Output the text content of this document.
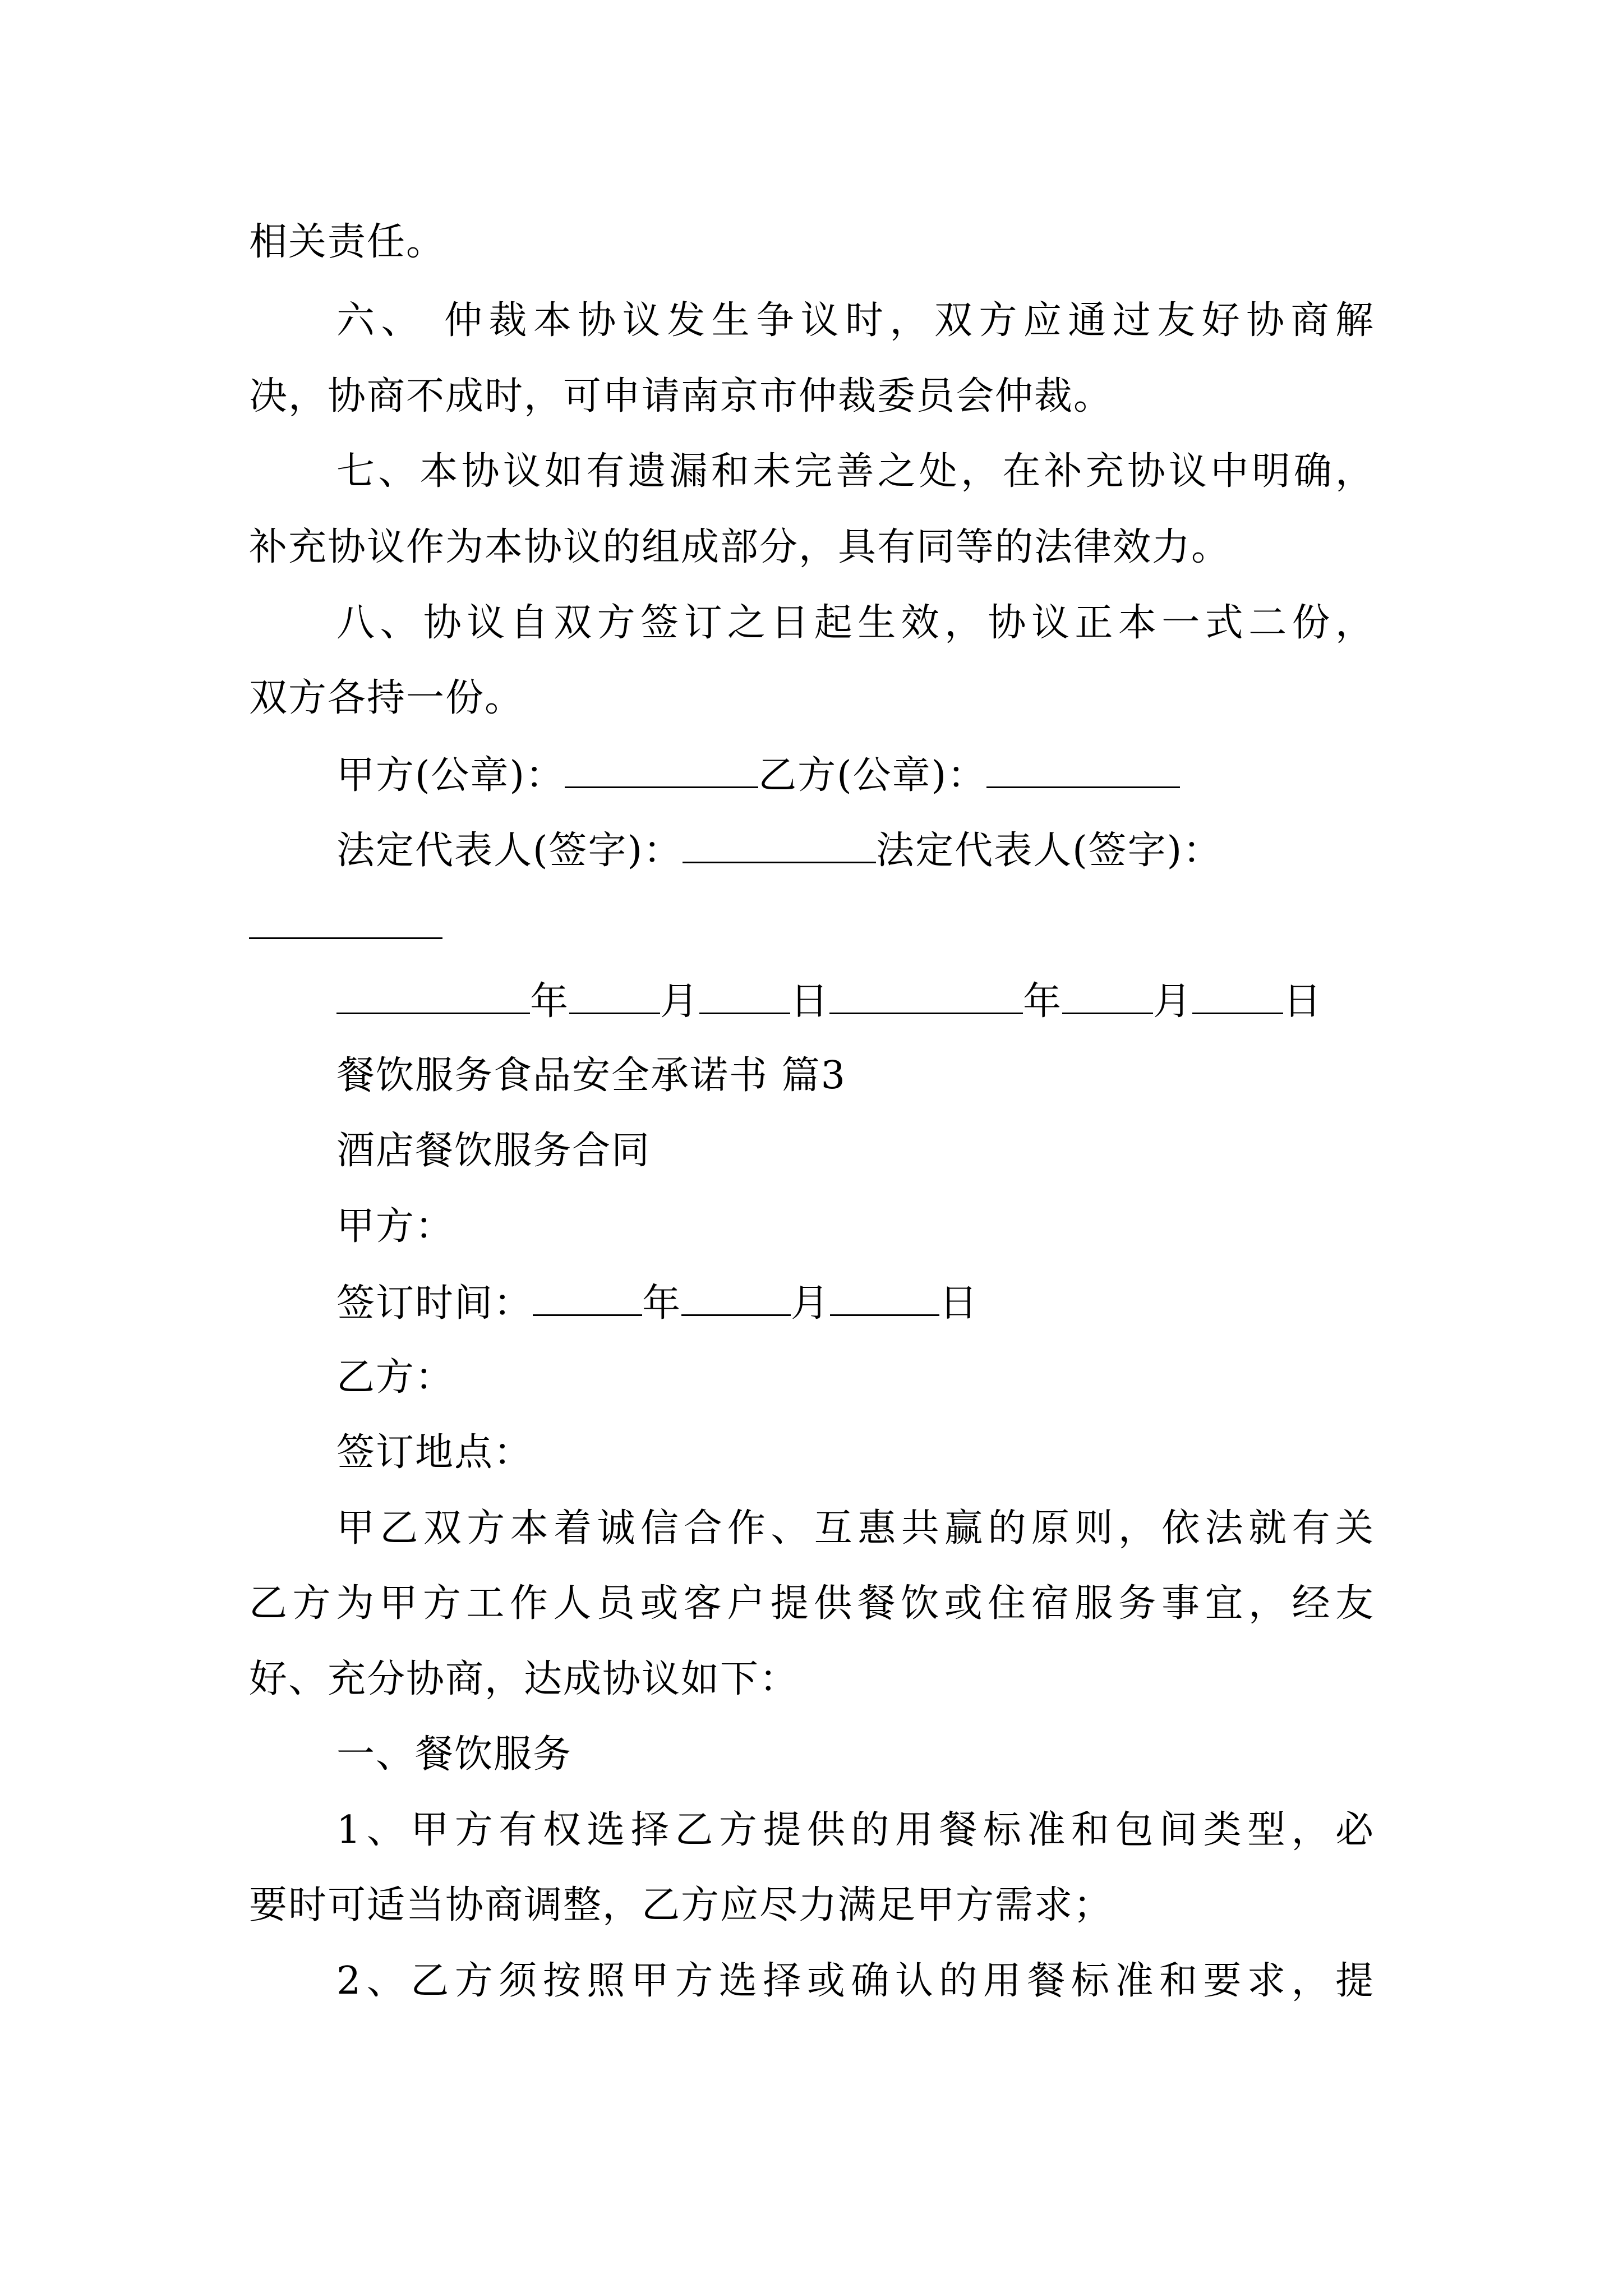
相关责任。

六、 仲裁本协议发生争议时，双方应通过友好协商解

决，协商不成时，可申请南京市仲裁委员会仲裁。

七、本协议如有遗漏和未完善之处，在补充协议中明确，

补充协议作为本协议的组成部分，具有同等的法律效力。

八、协议自双方签订之日起生效，协议正本一式二份，

双方各持一份。

甲方(公章)：	乙方(公章)：
法定代表人(签字)：	法定代表人(签字)：
年 月 日	年 月 日

餐饮服务食品安全承诺书 篇3

酒店餐饮服务合同

甲方：

签订时间：	年	月	日

乙方：

签订地点：

甲乙双方本着诚信合作、互惠共赢的原则，依法就有关

乙方为甲方工作人员或客户提供餐饮或住宿服务事宜，经友

好、充分协商，达成协议如下：

一、餐饮服务

1、甲方有权选择乙方提供的用餐标准和包间类型，必

要时可适当协商调整，乙方应尽力满足甲方需求；

2、乙方须按照甲方选择或确认的用餐标准和要求，提
